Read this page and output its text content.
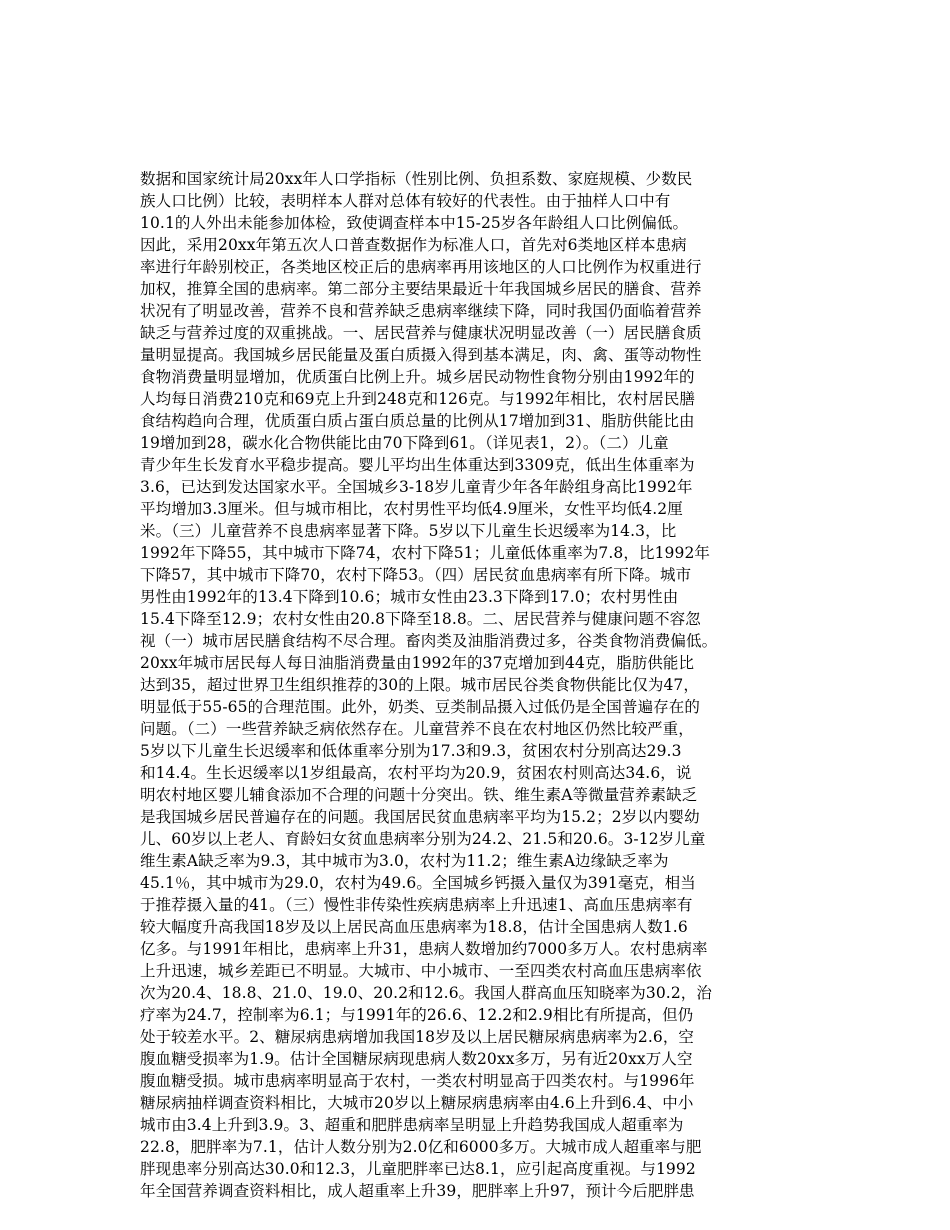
数据和国家统计局20xx年人口学指标（性别比例、负担系数、家庭规模、少数民
族人口比例）比较，表明样本人群对总体有较好的代表性。由于抽样人口中有
10.1的人外出未能参加体检，致使调查样本中15-25岁各年龄组人口比例偏低。
因此，采用20xx年第五次人口普查数据作为标准人口，首先对6类地区样本患病
率进行年龄别校正，各类地区校正后的患病率再用该地区的人口比例作为权重进行
加权，推算全国的患病率。第二部分主要结果最近十年我国城乡居民的膳食、营养
状况有了明显改善，营养不良和营养缺乏患病率继续下降，同时我国仍面临着营养
缺乏与营养过度的双重挑战。一、居民营养与健康状况明显改善（一）居民膳食质
量明显提高。我国城乡居民能量及蛋白质摄入得到基本满足，肉、禽、蛋等动物性
食物消费量明显增加，优质蛋白比例上升。城乡居民动物性食物分别由1992年的
人均每日消费210克和69克上升到248克和126克。与1992年相比，农村居民膳
食结构趋向合理，优质蛋白质占蛋白质总量的比例从17增加到31、脂肪供能比由
19增加到28，碳水化合物供能比由70下降到61。（详见表1，2）。（二）儿童
青少年生长发育水平稳步提高。婴儿平均出生体重达到3309克，低出生体重率为
3.6，已达到发达国家水平。全国城乡3-18岁儿童青少年各年龄组身高比1992年
平均增加3.3厘米。但与城市相比，农村男性平均低4.9厘米，女性平均低4.2厘
米。（三）儿童营养不良患病率显著下降。5岁以下儿童生长迟缓率为14.3，比
1992年下降55，其中城市下降74，农村下降51；儿童低体重率为7.8，比1992年
下降57，其中城市下降70，农村下降53。（四）居民贫血患病率有所下降。城市
男性由1992年的13.4下降到10.6；城市女性由23.3下降到17.0；农村男性由
15.4下降至12.9；农村女性由20.8下降至18.8。二、居民营养与健康问题不容忽
视（一）城市居民膳食结构不尽合理。畜肉类及油脂消费过多，谷类食物消费偏低。
20xx年城市居民每人每日油脂消费量由1992年的37克增加到44克，脂肪供能比
达到35，超过世界卫生组织推荐的30的上限。城市居民谷类食物供能比仅为47，
明显低于55-65的合理范围。此外，奶类、豆类制品摄入过低仍是全国普遍存在的
问题。（二）一些营养缺乏病依然存在。儿童营养不良在农村地区仍然比较严重，
5岁以下儿童生长迟缓率和低体重率分别为17.3和9.3，贫困农村分别高达29.3
和14.4。生长迟缓率以1岁组最高，农村平均为20.9，贫困农村则高达34.6，说
明农村地区婴儿辅食添加不合理的问题十分突出。铁、维生素A等微量营养素缺乏
是我国城乡居民普遍存在的问题。我国居民贫血患病率平均为15.2；2岁以内婴幼
儿、60岁以上老人、育龄妇女贫血患病率分别为24.2、21.5和20.6。3-12岁儿童
维生素A缺乏率为9.3，其中城市为3.0，农村为11.2；维生素A边缘缺乏率为
45.1％，其中城市为29.0，农村为49.6。全国城乡钙摄入量仅为391毫克，相当
于推荐摄入量的41。（三）慢性非传染性疾病患病率上升迅速1、高血压患病率有
较大幅度升高我国18岁及以上居民高血压患病率为18.8，估计全国患病人数1.6
亿多。与1991年相比，患病率上升31，患病人数增加约7000多万人。农村患病率
上升迅速，城乡差距已不明显。大城市、中小城市、一至四类农村高血压患病率依
次为20.4、18.8、21.0、19.0、20.2和12.6。我国人群高血压知晓率为30.2，治
疗率为24.7，控制率为6.1；与1991年的26.6、12.2和2.9相比有所提高，但仍
处于较差水平。2、糖尿病患病增加我国18岁及以上居民糖尿病患病率为2.6，空
腹血糖受损率为1.9。估计全国糖尿病现患病人数20xx多万，另有近20xx万人空
腹血糖受损。城市患病率明显高于农村，一类农村明显高于四类农村。与1996年
糖尿病抽样调查资料相比，大城市20岁以上糖尿病患病率由4.6上升到6.4、中小
城市由3.4上升到3.9。3、超重和肥胖患病率呈明显上升趋势我国成人超重率为
22.8，肥胖率为7.1，估计人数分别为2.0亿和6000多万。大城市成人超重率与肥
胖现患率分别高达30.0和12.3，儿童肥胖率已达8.1，应引起高度重视。与1992
年全国营养调查资料相比，成人超重率上升39，肥胖率上升97，预计今后肥胖患
